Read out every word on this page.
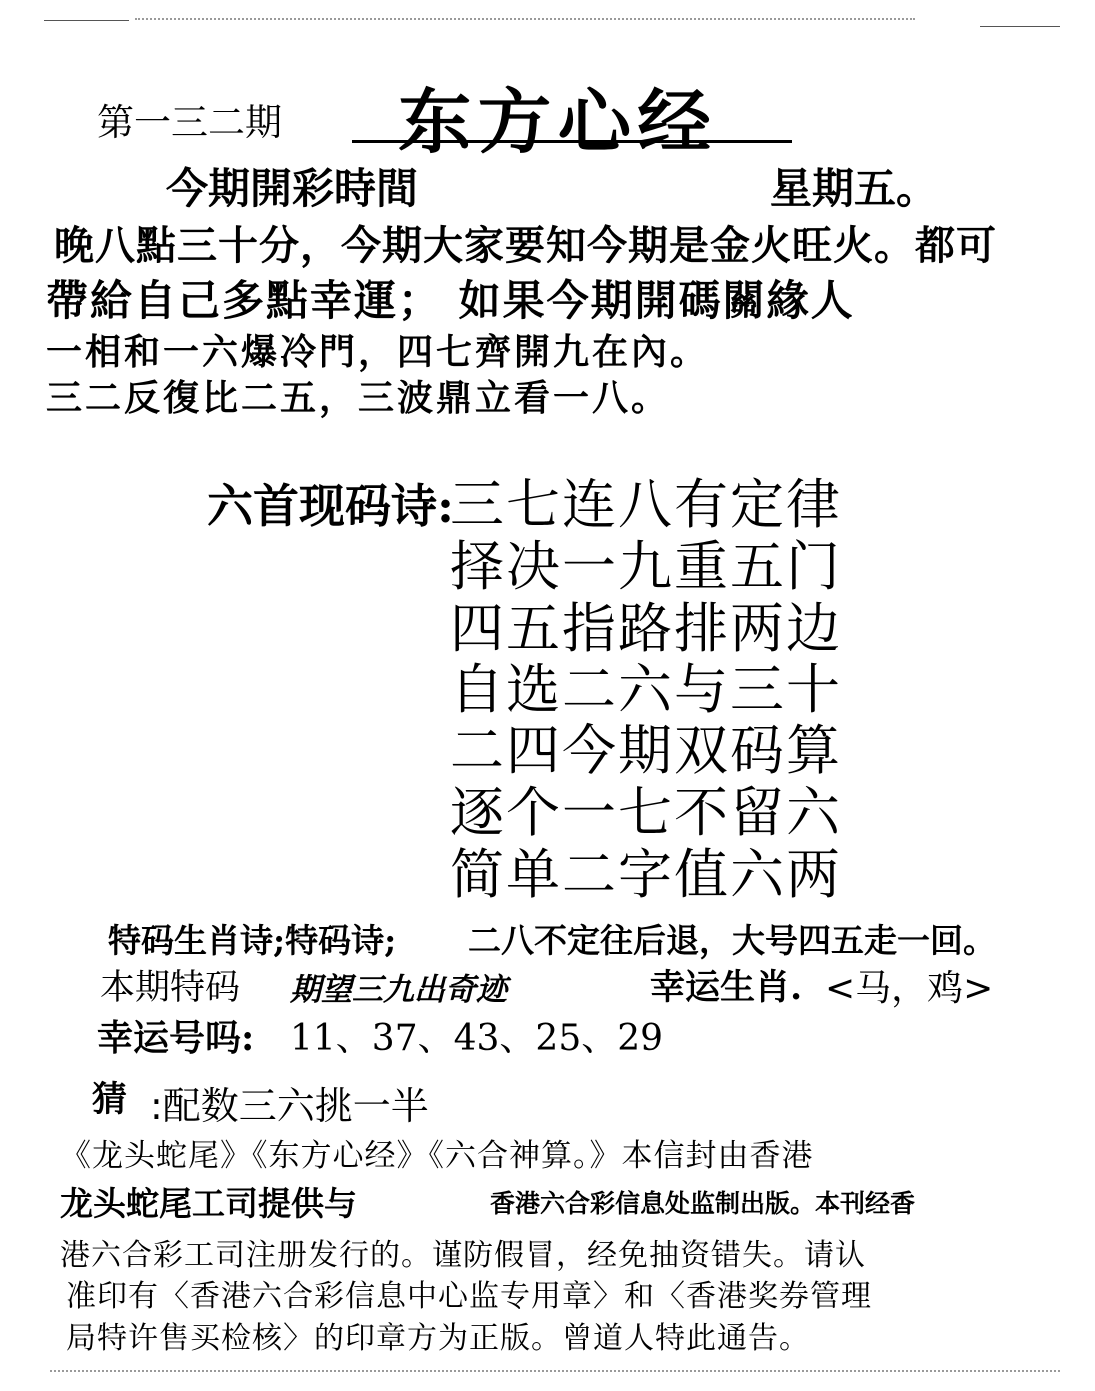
第一三二期 东方心经
今期開彩時間	星期五。
晚八點三十分，今期大家要知今期是金火旺火。都可
帶給自己多點幸運； 如果今期開碼關緣人
一相和一六爆冷門，四七齊開九在內。
三二反復比二五，三波鼎立看一八。
六首现码诗:
三七连八有定律
择决一九重五门
四五指路排两边
自选二六与三十
二四今期双码算
逐个一七不留六
简单二字值六两
特码生肖诗;特码诗; 二八不定往后退，大号四五走一回。
本期特码 期望三九出奇迹	幸运生肖. <马，鸡>
幸运号吗: 11、37、43、25、29
猜 :配数三六挑一半
《龙头蛇尾》《东方心经》《六合神算。》本信封由香港
龙头蛇尾工司提供与	香港六合彩信息处监制出版。本刊经香
港六合彩工司注册发行的。谨防假冒，经免抽资错失。请认
准印有〈香港六合彩信息中心监专用章〉和〈香港奖券管理
局特许售买检核〉的印章方为正版。曾道人特此通告。
